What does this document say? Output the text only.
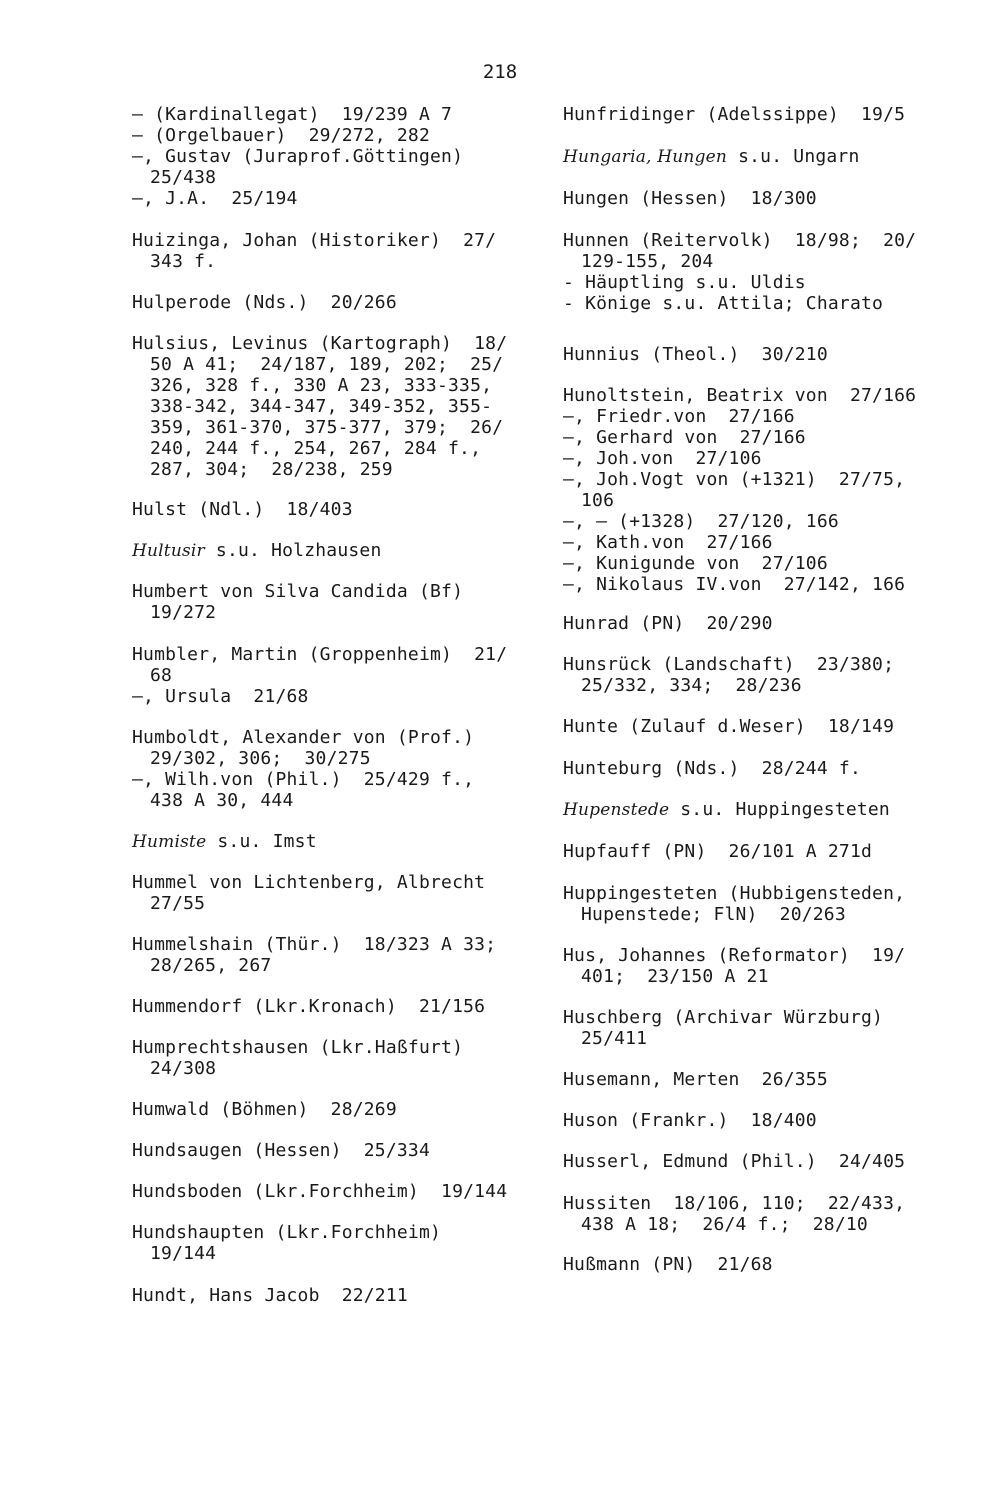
218
— (Kardinallegat)  19/239 A 7
— (Orgelbauer)  29/272, 282
—, Gustav (Juraprof.Göttingen)
25/438
—, J.A.  25/194
Huizinga, Johan (Historiker)  27/
343 f.
Hulperode (Nds.)  20/266
Hulsius, Levinus (Kartograph)  18/
50 A 41;  24/187, 189, 202;  25/
326, 328 f., 330 A 23, 333-335,
338-342, 344-347, 349-352, 355-
359, 361-370, 375-377, 379;  26/
240, 244 f., 254, 267, 284 f.,
287, 304;  28/238, 259
Hulst (Ndl.)  18/403
Hultusir s.u. Holzhausen
Humbert von Silva Candida (Bf)
19/272
Humbler, Martin (Groppenheim)  21/
68
—, Ursula  21/68
Humboldt, Alexander von (Prof.)
29/302, 306;  30/275
—, Wilh.von (Phil.)  25/429 f.,
438 A 30, 444
Humiste s.u. Imst
Hummel von Lichtenberg, Albrecht
27/55
Hummelshain (Thür.)  18/323 A 33;
28/265, 267
Hummendorf (Lkr.Kronach)  21/156
Humprechtshausen (Lkr.Haßfurt)
24/308
Humwald (Böhmen)  28/269
Hundsaugen (Hessen)  25/334
Hundsboden (Lkr.Forchheim)  19/144
Hundshaupten (Lkr.Forchheim)
19/144
Hundt, Hans Jacob  22/211
Hunfridinger (Adelssippe)  19/5
Hungaria, Hungen s.u. Ungarn
Hungen (Hessen)  18/300
Hunnen (Reitervolk)  18/98;  20/
129-155, 204
- Häuptling s.u. Uldis
- Könige s.u. Attila; Charato
Hunnius (Theol.)  30/210
Hunoltstein, Beatrix von  27/166
—, Friedr.von  27/166
—, Gerhard von  27/166
—, Joh.von  27/106
—, Joh.Vogt von (+1321)  27/75,
106
—, — (+1328)  27/120, 166
—, Kath.von  27/166
—, Kunigunde von  27/106
—, Nikolaus IV.von  27/142, 166
Hunrad (PN)  20/290
Hunsrück (Landschaft)  23/380;
25/332, 334;  28/236
Hunte (Zulauf d.Weser)  18/149
Hunteburg (Nds.)  28/244 f.
Hupenstede s.u. Huppingesteten
Hupfauff (PN)  26/101 A 271d
Huppingesteten (Hubbigensteden,
Hupenstede; FlN)  20/263
Hus, Johannes (Reformator)  19/
401;  23/150 A 21
Huschberg (Archivar Würzburg)
25/411
Husemann, Merten  26/355
Huson (Frankr.)  18/400
Husserl, Edmund (Phil.)  24/405
Hussiten  18/106, 110;  22/433,
438 A 18;  26/4 f.;  28/10
Hußmann (PN)  21/68
